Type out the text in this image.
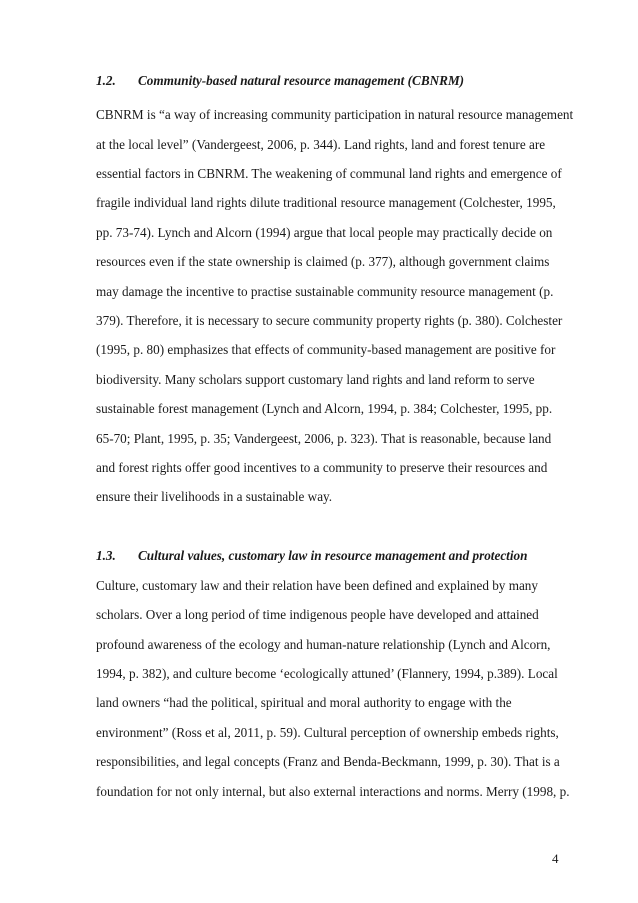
1.2. Community-based natural resource management (CBNRM)
CBNRM is “a way of increasing community participation in natural resource management
at the local level” (Vandergeest, 2006, p. 344). Land rights, land and forest tenure are
essential factors in CBNRM. The weakening of communal land rights and emergence of
fragile individual land rights dilute traditional resource management (Colchester, 1995,
pp. 73-74). Lynch and Alcorn (1994) argue that local people may practically decide on
resources even if the state ownership is claimed (p. 377), although government claims
may damage the incentive to practise sustainable community resource management (p.
379). Therefore, it is necessary to secure community property rights (p. 380). Colchester
(1995, p. 80) emphasizes that effects of community-based management are positive for
biodiversity. Many scholars support customary land rights and land reform to serve
sustainable forest management (Lynch and Alcorn, 1994, p. 384; Colchester, 1995, pp.
65-70; Plant, 1995, p. 35; Vandergeest, 2006, p. 323). That is reasonable, because land
and forest rights offer good incentives to a community to preserve their resources and
ensure their livelihoods in a sustainable way.
1.3. Cultural values, customary law in resource management and protection
Culture, customary law and their relation have been defined and explained by many
scholars. Over a long period of time indigenous people have developed and attained
profound awareness of the ecology and human-nature relationship (Lynch and Alcorn,
1994, p. 382), and culture become ‘ecologically attuned’ (Flannery, 1994, p.389). Local
land owners “had the political, spiritual and moral authority to engage with the
environment” (Ross et al, 2011, p. 59). Cultural perception of ownership embeds rights,
responsibilities, and legal concepts (Franz and Benda-Beckmann, 1999, p. 30). That is a
foundation for not only internal, but also external interactions and norms. Merry (1998, p.
4
